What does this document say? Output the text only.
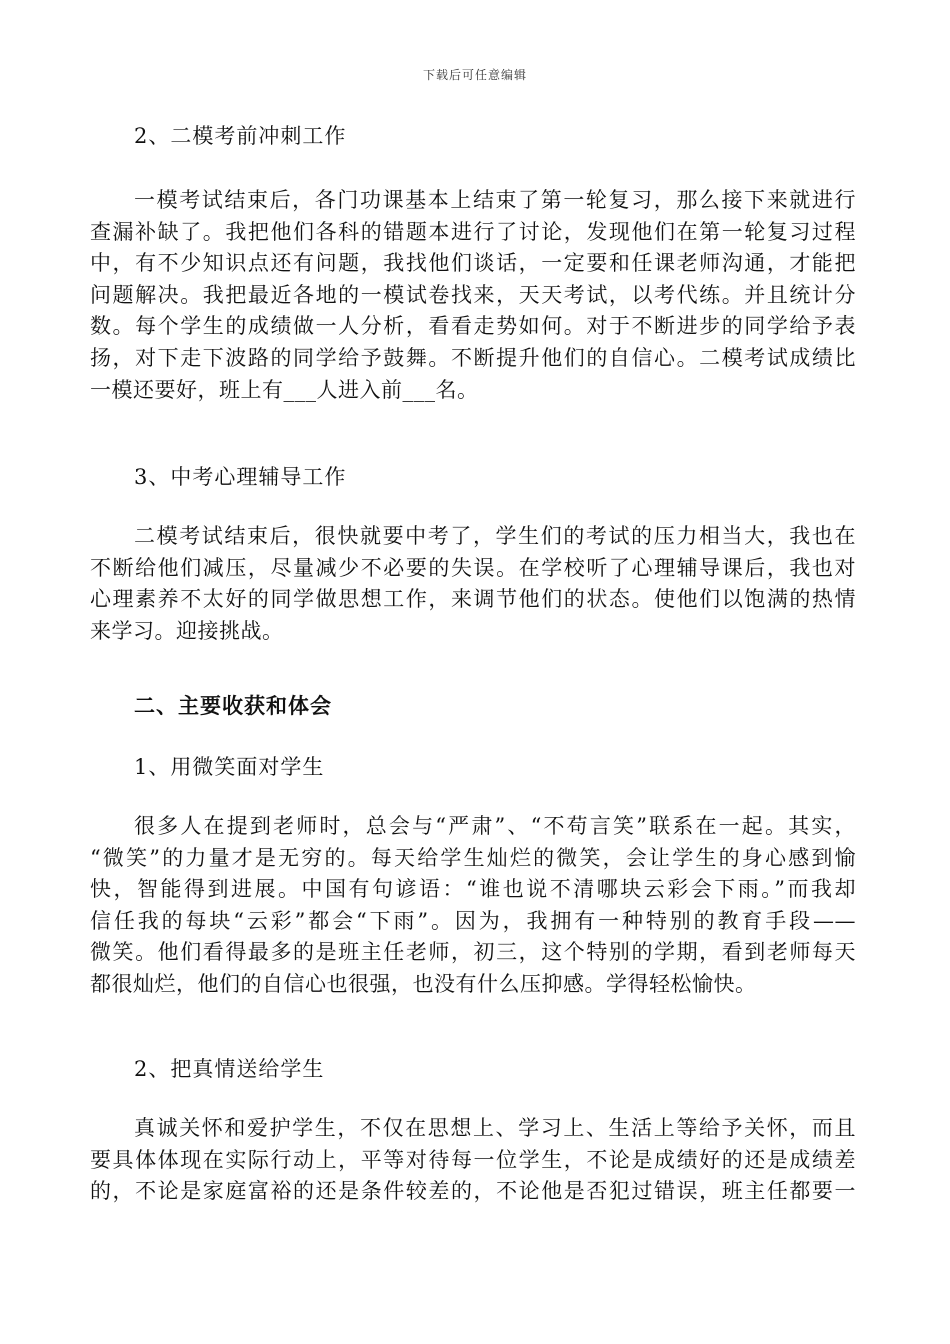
下载后可任意编辑
2、二模考前冲刺工作
一模考试结束后，各门功课基本上结束了第一轮复习，那么接下来就进行
查漏补缺了。我把他们各科的错题本进行了讨论，发现他们在第一轮复习过程
中，有不少知识点还有问题，我找他们谈话，一定要和任课老师沟通，才能把
问题解决。我把最近各地的一模试卷找来，天天考试，以考代练。并且统计分
数。每个学生的成绩做一人分析，看看走势如何。对于不断进步的同学给予表
扬，对下走下波路的同学给予鼓舞。不断提升他们的自信心。二模考试成绩比
一模还要好，班上有___人进入前___名。
3、中考心理辅导工作
二模考试结束后，很快就要中考了，学生们的考试的压力相当大，我也在
不断给他们减压，尽量减少不必要的失误。在学校听了心理辅导课后，我也对
心理素养不太好的同学做思想工作，来调节他们的状态。使他们以饱满的热情
来学习。迎接挑战。
二、主要收获和体会
1、用微笑面对学生
很多人在提到老师时，总会与“严肃”、“不苟言笑”联系在一起。其实，
“微笑”的力量才是无穷的。每天给学生灿烂的微笑，会让学生的身心感到愉
快，智能得到进展。中国有句谚语：“谁也说不清哪块云彩会下雨。”而我却
信任我的每块“云彩”都会“下雨”。因为，我拥有一种特别的教育手段——
微笑。他们看得最多的是班主任老师，初三，这个特别的学期，看到老师每天
都很灿烂，他们的自信心也很强，也没有什么压抑感。学得轻松愉快。
2、把真情送给学生
真诚关怀和爱护学生，不仅在思想上、学习上、生活上等给予关怀，而且
要具体体现在实际行动上，平等对待每一位学生，不论是成绩好的还是成绩差
的，不论是家庭富裕的还是条件较差的，不论他是否犯过错误，班主任都要一
